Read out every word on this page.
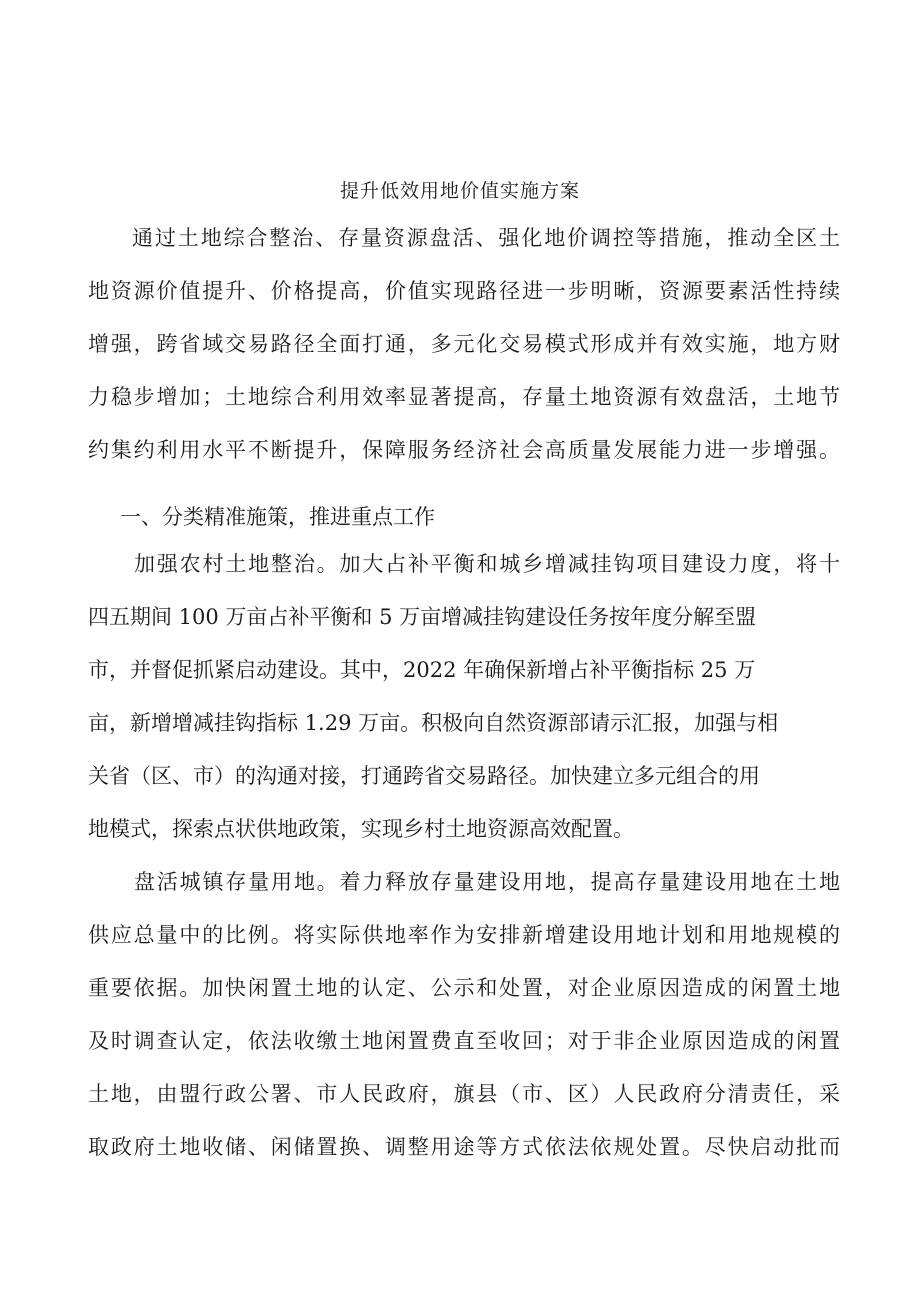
提升低效用地价值实施方案
通过土地综合整治、存量资源盘活、强化地价调控等措施，推动全区土
地资源价值提升、价格提高，价值实现路径进一步明晰，资源要素活性持续
增强，跨省域交易路径全面打通，多元化交易模式形成并有效实施，地方财
力稳步增加；土地综合利用效率显著提高，存量土地资源有效盘活，土地节
约集约利用水平不断提升，保障服务经济社会高质量发展能力进一步增强。
一、分类精准施策，推进重点工作
加强农村土地整治。加大占补平衡和城乡增减挂钩项目建设力度，将十
四五期间 100 万亩占补平衡和 5 万亩增减挂钩建设任务按年度分解至盟
市，并督促抓紧启动建设。其中，2022 年确保新增占补平衡指标 25 万
亩，新增增减挂钩指标 1.29 万亩。积极向自然资源部请示汇报，加强与相
关省（区、市）的沟通对接，打通跨省交易路径。加快建立多元组合的用
地模式，探索点状供地政策，实现乡村土地资源高效配置。
盘活城镇存量用地。着力释放存量建设用地，提高存量建设用地在土地
供应总量中的比例。将实际供地率作为安排新增建设用地计划和用地规模的
重要依据。加快闲置土地的认定、公示和处置，对企业原因造成的闲置土地
及时调查认定，依法收缴土地闲置费直至收回；对于非企业原因造成的闲置
土地，由盟行政公署、市人民政府，旗县（市、区）人民政府分清责任，采
取政府土地收储、闲储置换、调整用途等方式依法依规处置。尽快启动批而
